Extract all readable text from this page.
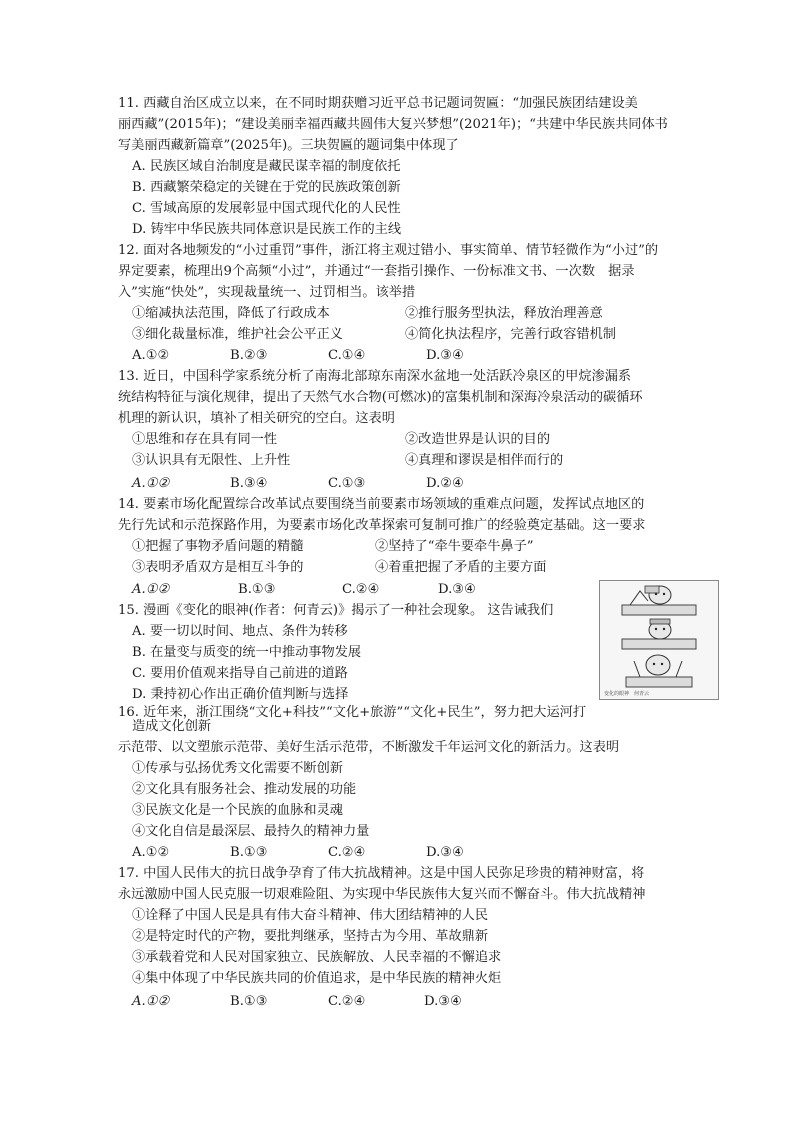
11. 西藏自治区成立以来，在不同时期获赠习近平总书记题词贺匾：“加强民族团结建设美
丽西藏”(2015年)；“建设美丽幸福西藏共圆伟大复兴梦想”(2021年)；“共建中华民族共同体书
写美丽西藏新篇章”(2025年)。三块贺匾的题词集中体现了
A. 民族区域自治制度是藏民谋幸福的制度依托
B. 西藏繁荣稳定的关键在于党的民族政策创新
C. 雪域高原的发展彰显中国式现代化的人民性
D. 铸牢中华民族共同体意识是民族工作的主线
12. 面对各地频发的“小过重罚”事件，浙江将主观过错小、事实简单、情节轻微作为“小过”的
界定要素，梳理出9个高频“小过”，并通过“一套指引操作、一份标准文书、一次数　据录
入”实施“快处”，实现裁量统一、过罚相当。该举措
①缩减执法范围，降低了行政成本	②推行服务型执法，释放治理善意
③细化裁量标准，维护社会公平正义	④简化执法程序，完善行政容错机制
A.①②	B.②③	C.①④	D.③④
13. 近日，中国科学家系统分析了南海北部琼东南深水盆地一处活跃冷泉区的甲烷渗漏系
统结构特征与演化规律，提出了天然气水合物(可燃冰)的富集机制和深海冷泉活动的碳循环
机理的新认识，填补了相关研究的空白。这表明
①思维和存在具有同一性	②改造世界是认识的目的
③认识具有无限性、上升性	④真理和谬误是相伴而行的
A.①②	B.③④	C.①③	D.②④
14. 要素市场化配置综合改革试点要围绕当前要素市场领域的重难点问题，发挥试点地区的
先行先试和示范探路作用，为要素市场化改革探索可复制可推广的经验奠定基础。这一要求
①把握了事物矛盾问题的精髓	②坚持了“牵牛要牵牛鼻子”
③表明矛盾双方是相互斗争的	④着重把握了矛盾的主要方面
A.①②	B.①③	C.②④	D.③④
15. 漫画《变化的眼神(作者：何青云)》揭示了一种社会现象。 这告诫我们
A. 要一切以时间、地点、条件为转移
B. 在量变与质变的统一中推动事物发展
C. 要用价值观来指导自己前进的道路
D. 秉持初心作出正确价值判断与选择	变化的眼神　何青云
16. 近年来，浙江围绕“文化+科技”“文化+旅游”“文化+民生”，努力把大运河打
造成文化创新
示范带、以文塑旅示范带、美好生活示范带，不断激发千年运河文化的新活力。这表明
①传承与弘扬优秀文化需要不断创新
②文化具有服务社会、推动发展的功能
③民族文化是一个民族的血脉和灵魂
④文化自信是最深层、最持久的精神力量
A.①②	B.①③	C.②④	D.③④
17. 中国人民伟大的抗日战争孕育了伟大抗战精神。这是中国人民弥足珍贵的精神财富，将
永远激励中国人民克服一切艰难险阻、为实现中华民族伟大复兴而不懈奋斗。伟大抗战精神
①诠释了中国人民是具有伟大奋斗精神、伟大团结精神的人民
②是特定时代的产物，要批判继承，坚持古为今用、革故鼎新
③承载着党和人民对国家独立、民族解放、人民幸福的不懈追求
④集中体现了中华民族共同的价值追求，是中华民族的精神火炬
A.①②	B.①③	C.②④	D.③④
